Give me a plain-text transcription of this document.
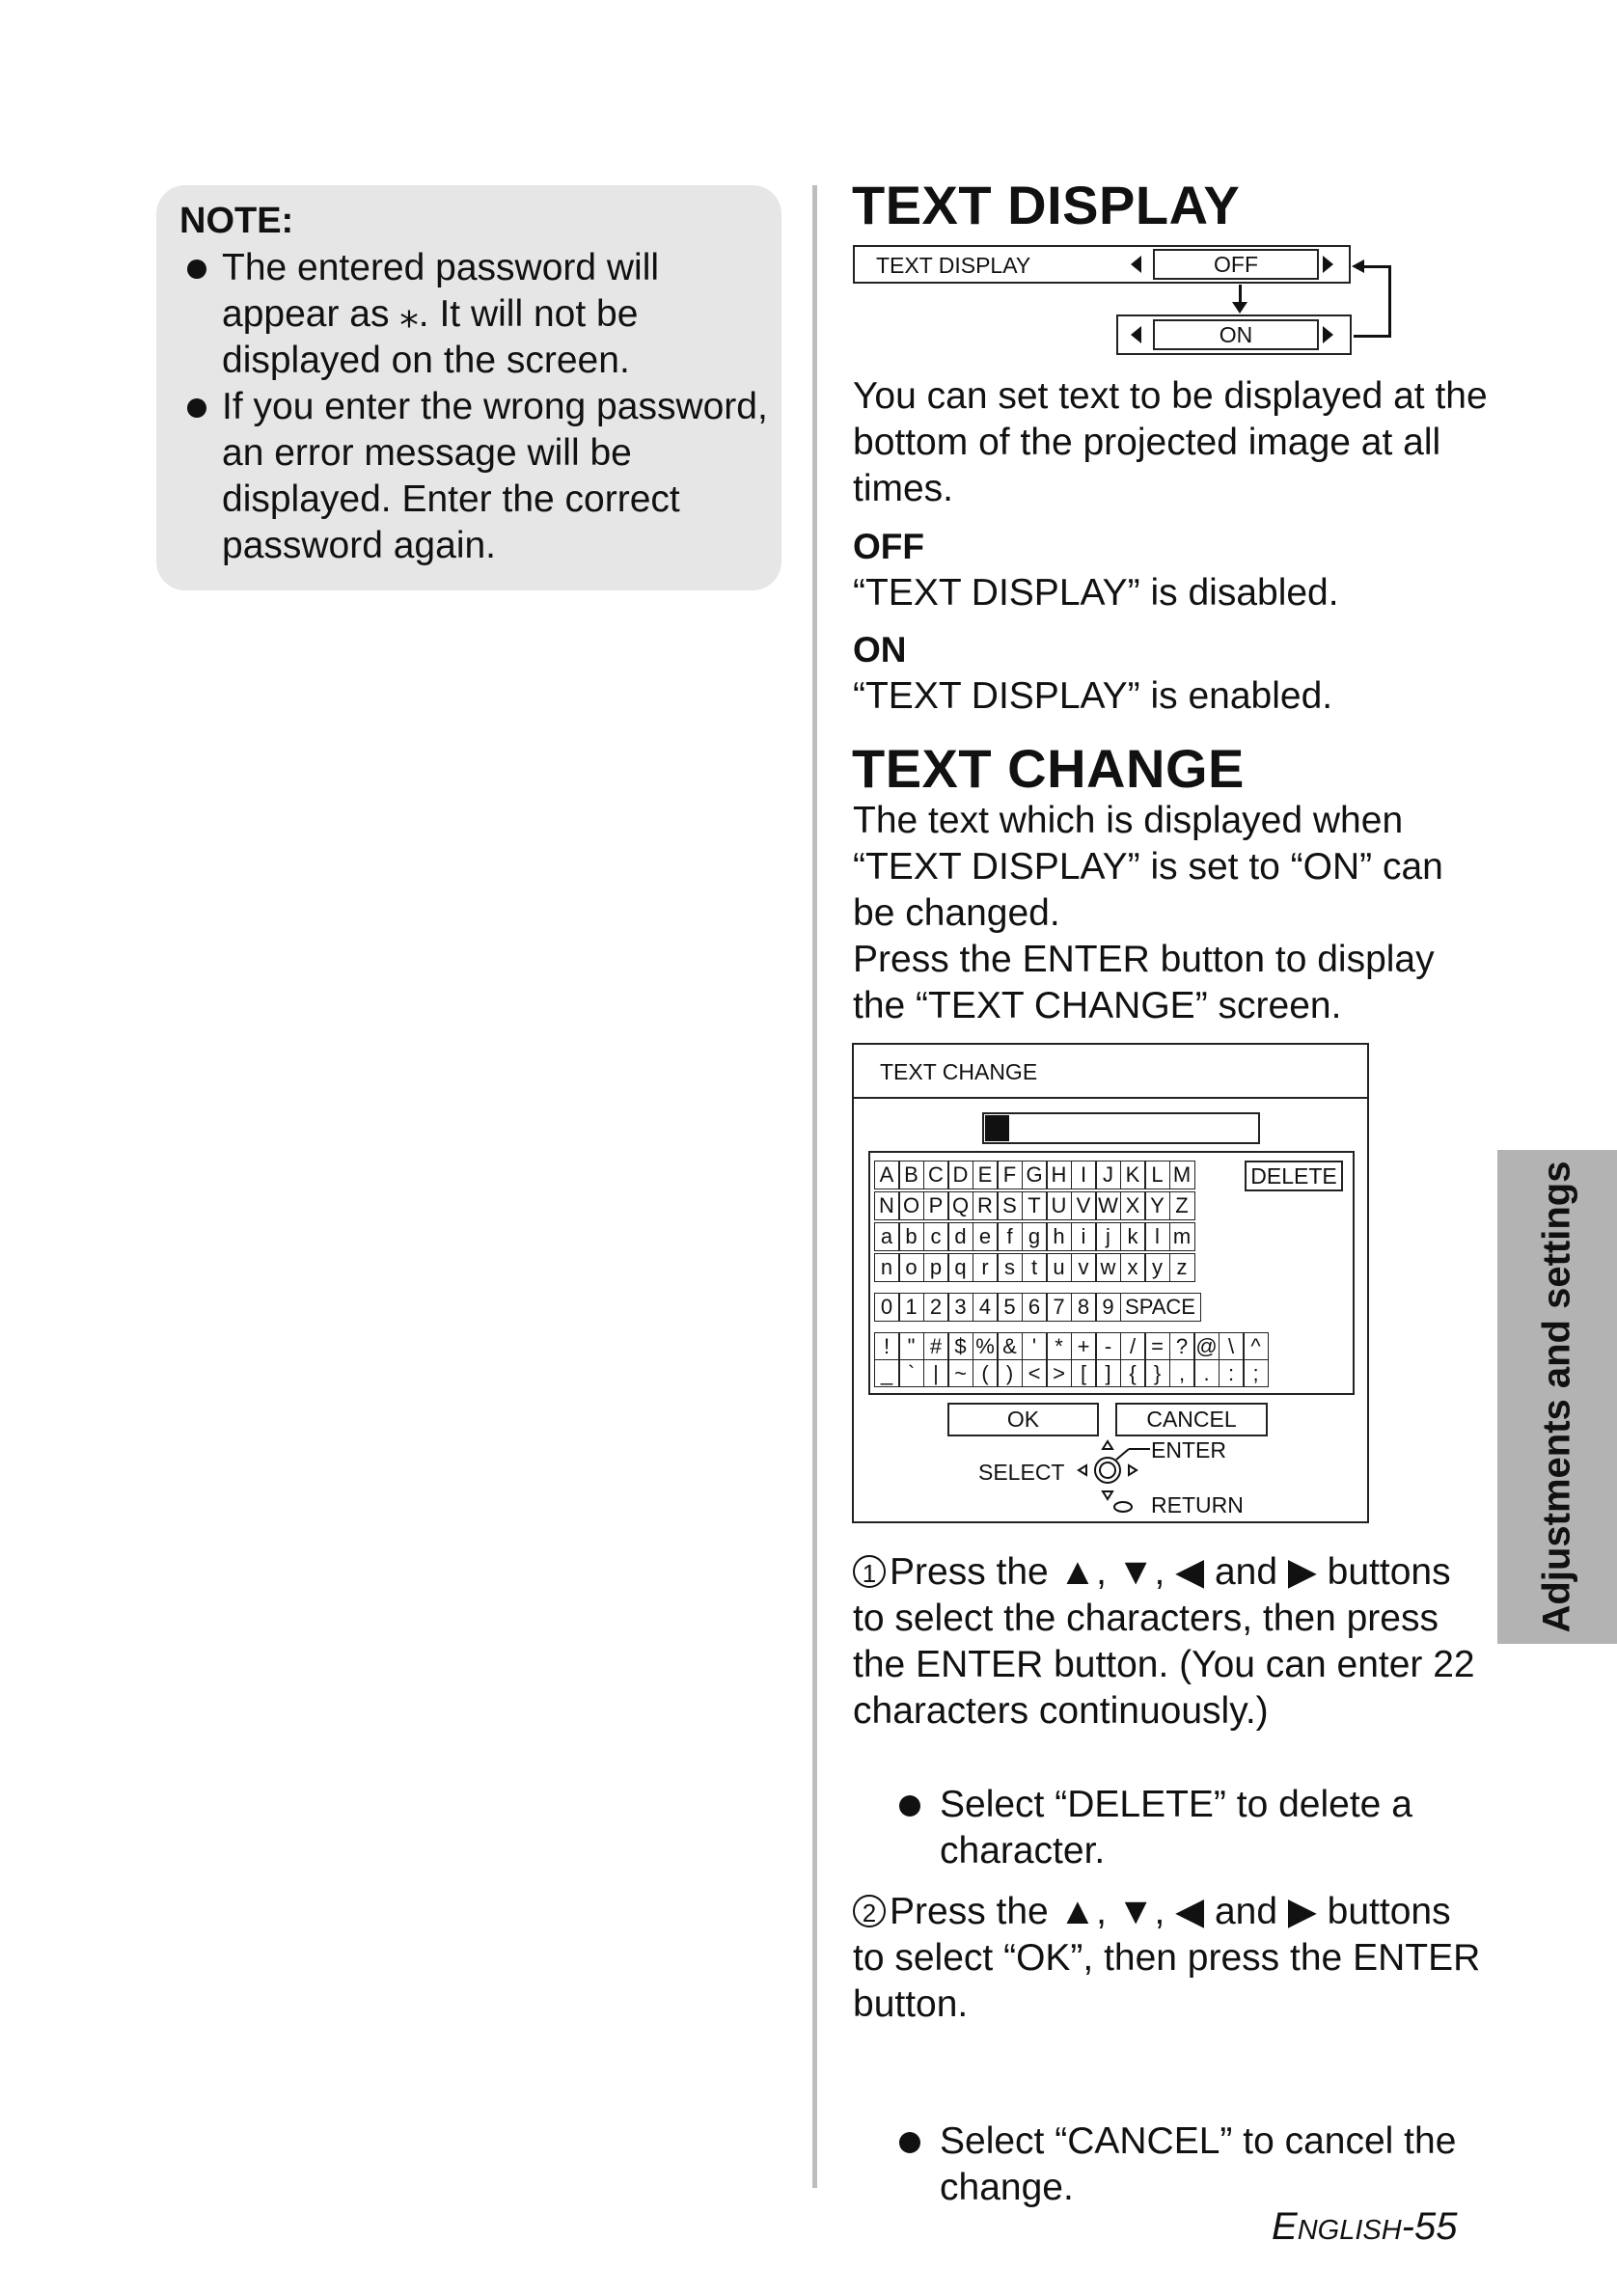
NOTE:
The entered password will appear as ⁎. It will not be displayed on the screen.
If you enter the wrong password, an error message will be displayed. Enter the correct password again.
TEXT DISPLAY
TEXT DISPLAY	OFF
ON
You can set text to be displayed at the bottom of the projected image at all times.
OFF
“TEXT DISPLAY” is disabled.
ON
“TEXT DISPLAY” is enabled.
TEXT CHANGE
The text which is displayed when “TEXT DISPLAY” is set to “ON” can be changed.
Press the ENTER button to display the “TEXT CHANGE” screen.
TEXT CHANGE
A B C D E F G H I J K L M
N O P Q R S T U V W X Y Z
a b c d e f g h i j k l m
n o p q r s t u v w x y z
DELETE
0 1 2 3 4 5 6 7 8 9 SPACE
! " # $ % & ' * + - / = ? @ \ ^
_ ` | ~ ( ) < > [ ] { } , . : ;
OK	CANCEL
SELECT
ENTER
RETURN
1 Press the ▲, ▼, ◀ and ▶ buttons to select the characters, then press the ENTER button. (You can enter 22 characters continuously.)
Select “DELETE” to delete a character.
2 Press the ▲, ▼, ◀ and ▶ buttons to select “OK”, then press the ENTER button.
Select “CANCEL” to cancel the change.
Adjustments and settings
ENGLISH-55
